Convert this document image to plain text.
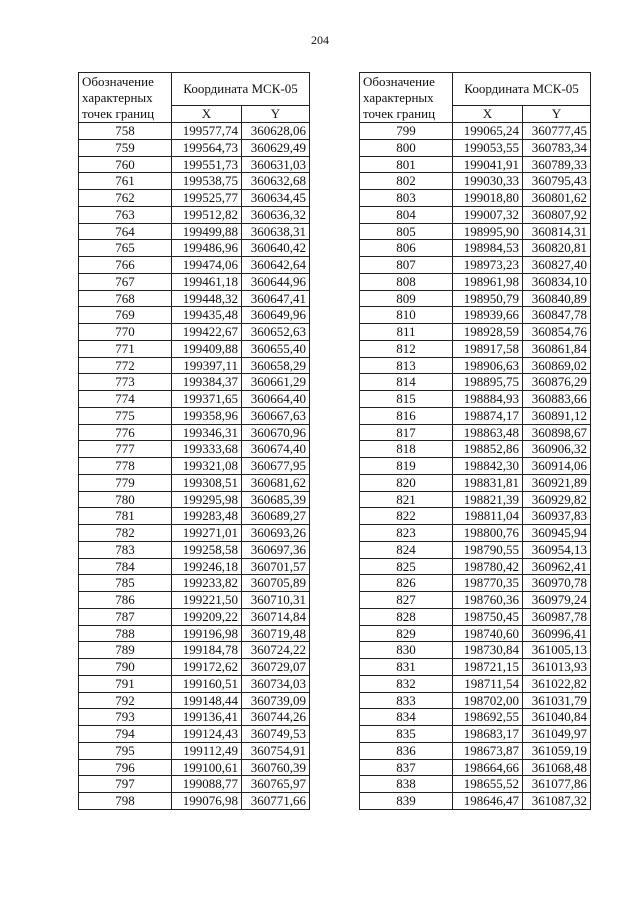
204
Обозначение характерных точек границ	Координата МСК-05	
	X	Y
758	199577,74	360628,06
759	199564,73	360629,49
760	199551,73	360631,03
761	199538,75	360632,68
762	199525,77	360634,45
763	199512,82	360636,32
764	199499,88	360638,31
765	199486,96	360640,42
766	199474,06	360642,64
767	199461,18	360644,96
768	199448,32	360647,41
769	199435,48	360649,96
770	199422,67	360652,63
771	199409,88	360655,40
772	199397,11	360658,29
773	199384,37	360661,29
774	199371,65	360664,40
775	199358,96	360667,63
776	199346,31	360670,96
777	199333,68	360674,40
778	199321,08	360677,95
779	199308,51	360681,62
780	199295,98	360685,39
781	199283,48	360689,27
782	199271,01	360693,26
783	199258,58	360697,36
784	199246,18	360701,57
785	199233,82	360705,89
786	199221,50	360710,31
787	199209,22	360714,84
788	199196,98	360719,48
789	199184,78	360724,22
790	199172,62	360729,07
791	199160,51	360734,03
792	199148,44	360739,09
793	199136,41	360744,26
794	199124,43	360749,53
795	199112,49	360754,91
796	199100,61	360760,39
797	199088,77	360765,97
798	199076,98	360771,66
Обозначение характерных точек границ	Координата МСК-05	
	X	Y
799	199065,24	360777,45
800	199053,55	360783,34
801	199041,91	360789,33
802	199030,33	360795,43
803	199018,80	360801,62
804	199007,32	360807,92
805	198995,90	360814,31
806	198984,53	360820,81
807	198973,23	360827,40
808	198961,98	360834,10
809	198950,79	360840,89
810	198939,66	360847,78
811	198928,59	360854,76
812	198917,58	360861,84
813	198906,63	360869,02
814	198895,75	360876,29
815	198884,93	360883,66
816	198874,17	360891,12
817	198863,48	360898,67
818	198852,86	360906,32
819	198842,30	360914,06
820	198831,81	360921,89
821	198821,39	360929,82
822	198811,04	360937,83
823	198800,76	360945,94
824	198790,55	360954,13
825	198780,42	360962,41
826	198770,35	360970,78
827	198760,36	360979,24
828	198750,45	360987,78
829	198740,60	360996,41
830	198730,84	361005,13
831	198721,15	361013,93
832	198711,54	361022,82
833	198702,00	361031,79
834	198692,55	361040,84
835	198683,17	361049,97
836	198673,87	361059,19
837	198664,66	361068,48
838	198655,52	361077,86
839	198646,47	361087,32
